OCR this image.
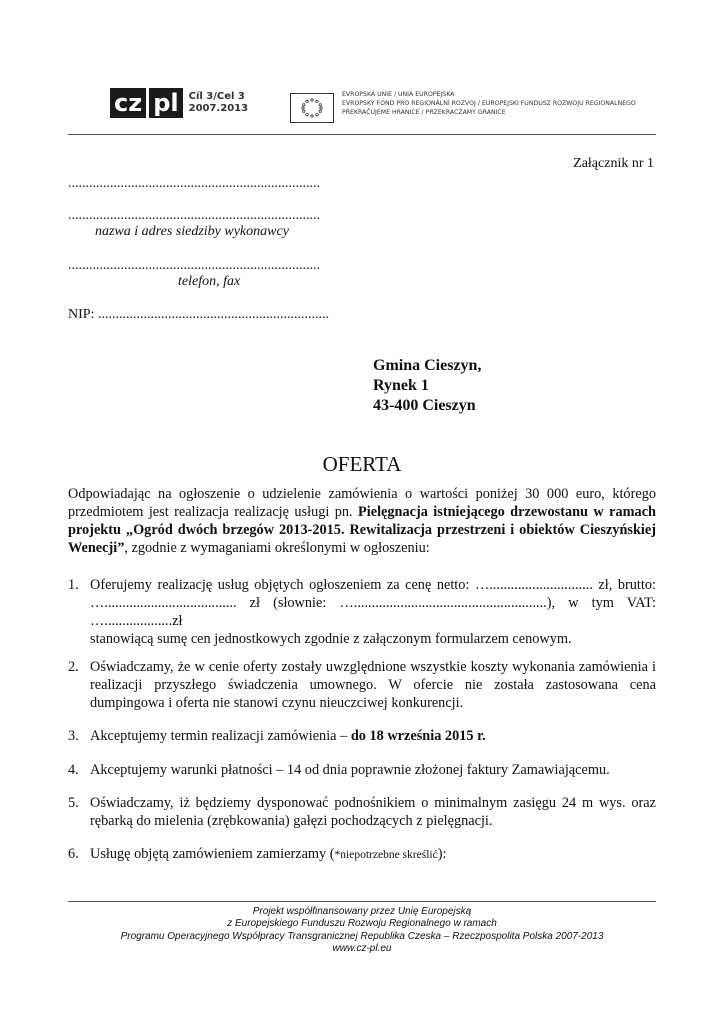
cz pl	Cíl 3/Cel 3
2007.2013
EVROPSKÁ UNIE / UNIA EUROPEJSKA
EVROPSKÝ FOND PRO REGIONÁLNÍ ROZVOJ / EUROPEJSKI FUNDUSZ ROZWOJU REGIONALNEGO
PŘEKRAČUJEME HRANICE / PRZEKRACZAMY GRANICE
Załącznik nr 1
........................................................................
........................................................................
nazwa i adres siedziby wykonawcy
........................................................................
telefon, fax
NIP: ..................................................................
Gmina Cieszyn,
Rynek 1
43-400 Cieszyn
OFERTA
Odpowiadając na ogłoszenie o udzielenie zamówienia o wartości poniżej 30 000 euro, którego przedmiotem jest realizacja realizację usługi pn. Pielęgnacja istniejącego drzewostanu w ramach projektu „Ogród dwóch brzegów 2013-2015. Rewitalizacja przestrzeni i obiektów Cieszyńskiej Wenecji”, zgodnie z wymaganiami określonymi w ogłoszeniu:
1. Oferujemy realizację usług objętych ogłoszeniem za cenę netto: …............................. zł, brutto: …..................................... zł (słownie: …......................................................), w tym VAT: …...................zł
stanowiącą sumę cen jednostkowych zgodnie z załączonym formularzem cenowym.
2. Oświadczamy, że w cenie oferty zostały uwzględnione wszystkie koszty wykonania zamówienia i realizacji przyszłego świadczenia umownego. W ofercie nie została zastosowana cena dumpingowa i oferta nie stanowi czynu nieuczciwej konkurencji.
3. Akceptujemy termin realizacji zamówienia – do 18 września 2015 r.
4. Akceptujemy warunki płatności – 14 od dnia poprawnie złożonej faktury Zamawiającemu.
5. Oświadczamy, iż będziemy dysponować podnośnikiem o minimalnym zasięgu 24 m wys. oraz rębarką do mielenia (zrębkowania) gałęzi pochodzących z pielęgnacji.
6. Usługę objętą zamówieniem zamierzamy (*niepotrzebne skreślić):
Projekt współfinansowany przez Unię Europejską
z Europejskiego Funduszu Rozwoju Regionalnego w ramach
Programu Operacyjnego Współpracy Transgranicznej Republika Czeska – Rzeczpospolita Polska 2007-2013
www.cz-pl.eu
